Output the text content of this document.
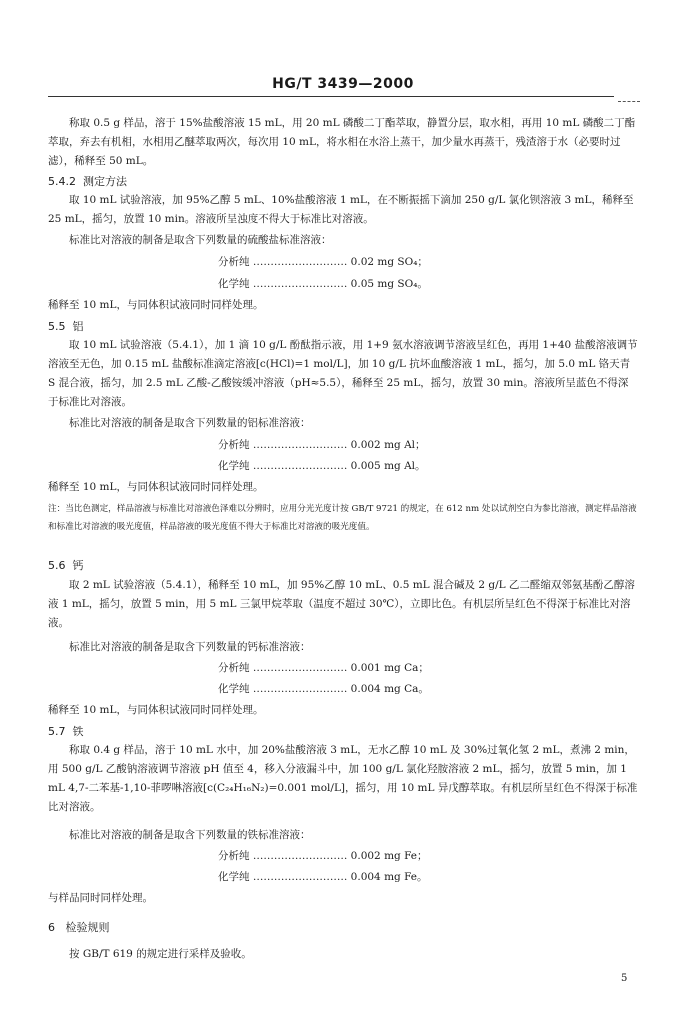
HG/T 3439—2000

称取 0.5 g 样品，溶于 15%盐酸溶液 15 mL，用 20 mL 磷酸二丁酯萃取，静置分层，取水相，再用 10 mL 磷酸二丁酯萃取，弃去有机相，水相用乙醚萃取两次，每次用 10 mL，将水相在水浴上蒸干，加少量水再蒸干，残渣溶于水（必要时过滤），稀释至 50 mL。

5.4.2 测定方法

取 10 mL 试验溶液，加 95%乙醇 5 mL、10%盐酸溶液 1 mL，在不断振摇下滴加 250 g/L 氯化钡溶液 3 mL，稀释至 25 mL，摇匀，放置 10 min。溶液所呈浊度不得大于标准比对溶液。

标准比对溶液的制备是取含下列数量的硫酸盐标准溶液：

分析纯 ……………………… 0.02 mg SO₄；
化学纯 ……………………… 0.05 mg SO₄。

稀释至 10 mL，与同体积试液同时同样处理。

5.5 铝

取 10 mL 试验溶液（5.4.1），加 1 滴 10 g/L 酚酞指示液，用 1+9 氨水溶液调节溶液呈红色，再用 1+40 盐酸溶液调节溶液至无色，加 0.15 mL 盐酸标准滴定溶液[c(HCl)=1 mol/L]，加 10 g/L 抗坏血酸溶液 1 mL，摇匀，加 5.0 mL 铬天青 S 混合液，摇匀，加 2.5 mL 乙酸-乙酸铵缓冲溶液（pH≈5.5），稀释至 25 mL，摇匀，放置 30 min。溶液所呈蓝色不得深于标准比对溶液。

标准比对溶液的制备是取含下列数量的铝标准溶液：

分析纯 ……………………… 0.002 mg Al；
化学纯 ……………………… 0.005 mg Al。

稀释至 10 mL，与同体积试液同时同样处理。

注：当比色测定，样品溶液与标准比对溶液色泽难以分辨时，应用分光光度计按 GB/T 9721 的规定，在 612 nm 处以试剂空白为参比溶液，测定样品溶液和标准比对溶液的吸光度值，样品溶液的吸光度值不得大于标准比对溶液的吸光度值。

5.6 钙

取 2 mL 试验溶液（5.4.1），稀释至 10 mL，加 95%乙醇 10 mL、0.5 mL 混合碱及 2 g/L 乙二醛缩双邻氨基酚乙醇溶液 1 mL，摇匀，放置 5 min，用 5 mL 三氯甲烷萃取（温度不超过 30℃），立即比色。有机层所呈红色不得深于标准比对溶液。

标准比对溶液的制备是取含下列数量的钙标准溶液：

分析纯 ……………………… 0.001 mg Ca；
化学纯 ……………………… 0.004 mg Ca。

稀释至 10 mL，与同体积试液同时同样处理。

5.7 铁

称取 0.4 g 样品，溶于 10 mL 水中，加 20%盐酸溶液 3 mL，无水乙醇 10 mL 及 30%过氧化氢 2 mL，煮沸 2 min，用 500 g/L 乙酸钠溶液调节溶液 pH 值至 4，移入分液漏斗中，加 100 g/L 氯化羟胺溶液 2 mL，摇匀，放置 5 min，加 1 mL 4,7-二苯基-1,10-菲啰啉溶液[c(C₂₄H₁₆N₂)=0.001 mol/L]，摇匀，用 10 mL 异戊醇萃取。有机层所呈红色不得深于标准比对溶液。

标准比对溶液的制备是取含下列数量的铁标准溶液：

分析纯 ……………………… 0.002 mg Fe；
化学纯 ……………………… 0.004 mg Fe。

与样品同时同样处理。

6 检验规则

按 GB/T 619 的规定进行采样及验收。

5
